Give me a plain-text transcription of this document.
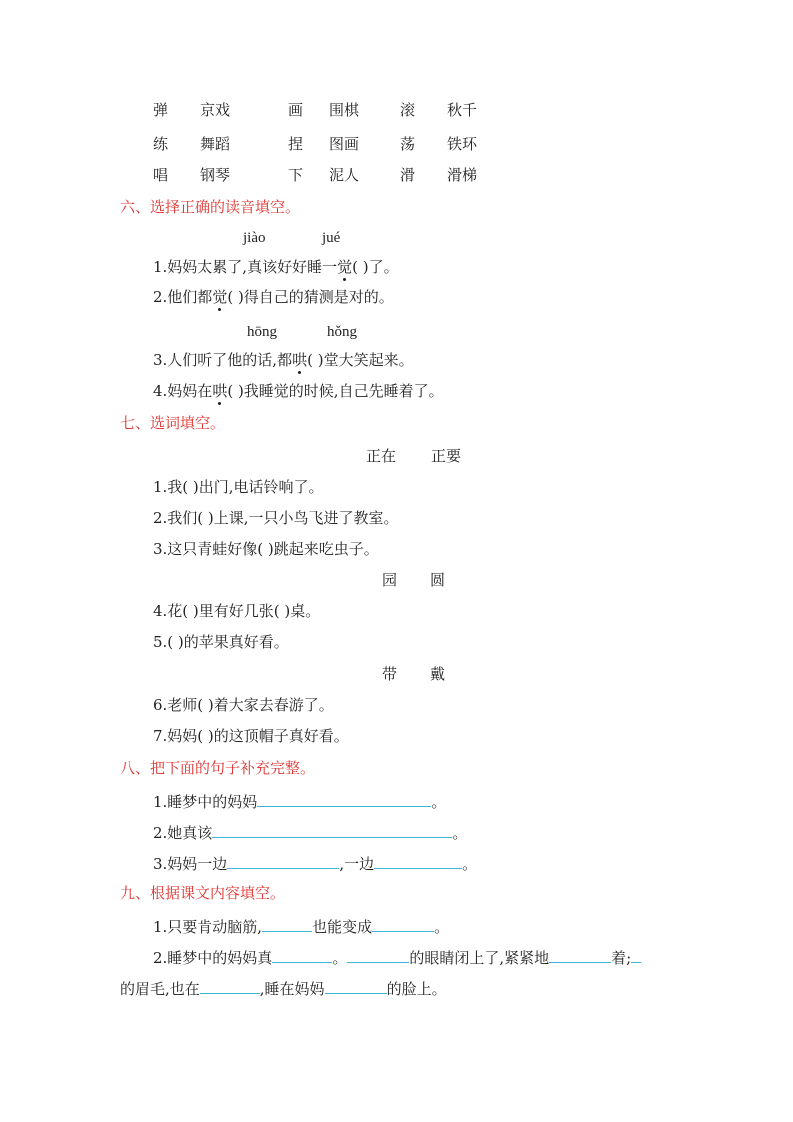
弹 京戏	画 围棋	滚 秋千
练 舞蹈	捏 图画	荡 铁环
唱 钢琴	下 泥人	滑 滑梯
六、选择正确的读音填空。
jiào	jué
1.妈妈太累了,真该好好睡一觉( )了。
2.他们都觉( )得自己的猜测是对的。
hōng	hǒng
3.人们听了他的话,都哄( )堂大笑起来。
4.妈妈在哄( )我睡觉的时候,自己先睡着了。
七、选词填空。
正在 正要
1.我( )出门,电话铃响了。
2.我们( )上课,一只小鸟飞进了教室。
3.这只青蛙好像( )跳起来吃虫子。
园 圆
4.花( )里有好几张( )桌。
5.( )的苹果真好看。
带 戴
6.老师( )着大家去春游了。
7.妈妈( )的这顶帽子真好看。
八、把下面的句子补充完整。
1.睡梦中的妈妈	。
2.她真该	。
3.妈妈一边	,一边	。
九、根据课文内容填空。
1.只要肯动脑筋,	也能变成	。
2.睡梦中的妈妈真	。	的眼睛闭上了,紧紧地	着;
的眉毛,也在	,睡在妈妈	的脸上。
